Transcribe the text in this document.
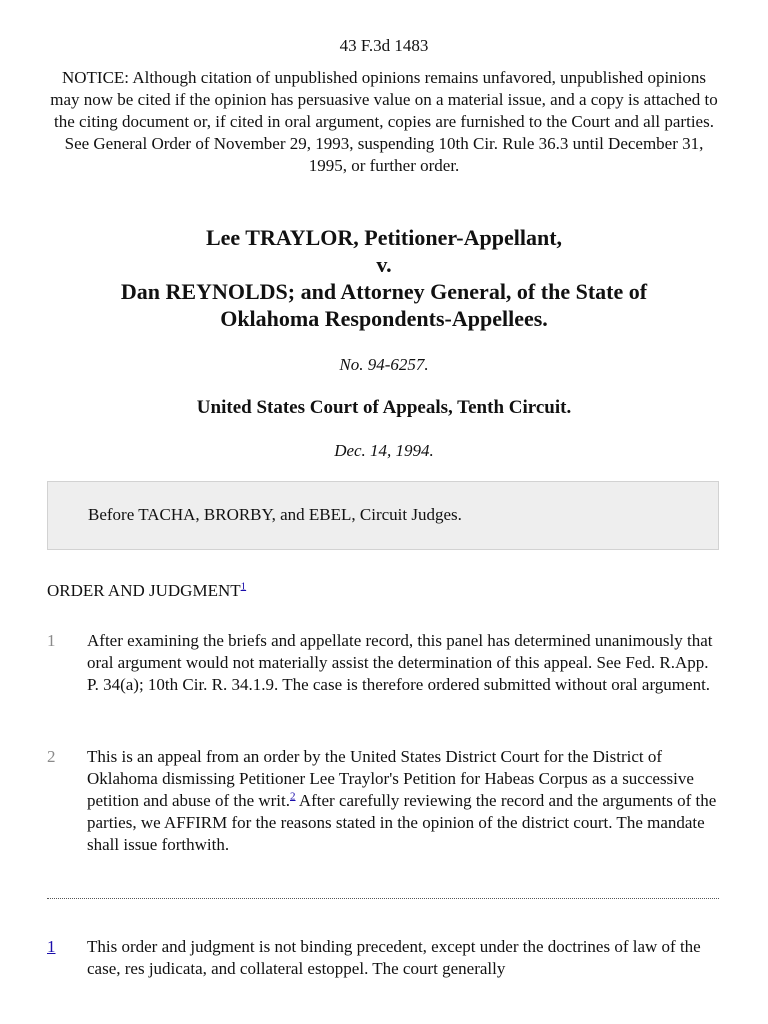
43 F.3d 1483
NOTICE: Although citation of unpublished opinions remains unfavored, unpublished opinions may now be cited if the opinion has persuasive value on a material issue, and a copy is attached to the citing document or, if cited in oral argument, copies are furnished to the Court and all parties. See General Order of November 29, 1993, suspending 10th Cir. Rule 36.3 until December 31, 1995, or further order.
Lee TRAYLOR, Petitioner-Appellant,
v.
Dan REYNOLDS; and Attorney General, of the State of
Oklahoma Respondents-Appellees.
No. 94-6257.
United States Court of Appeals, Tenth Circuit.
Dec. 14, 1994.
Before TACHA, BRORBY, and EBEL, Circuit Judges.
ORDER AND JUDGMENT$^1$
1 After examining the briefs and appellate record, this panel has determined unanimously that oral argument would not materially assist the determination of this appeal. See Fed. R.App. P. 34(a); 10th Cir. R. 34.1.9. The case is therefore ordered submitted without oral argument.
2 This is an appeal from an order by the United States District Court for the District of Oklahoma dismissing Petitioner Lee Traylor's Petition for Habeas Corpus as a successive petition and abuse of the writ.$^2$ After carefully reviewing the record and the arguments of the parties, we AFFIRM for the reasons stated in the opinion of the district court. The mandate shall issue forthwith.
1 This order and judgment is not binding precedent, except under the doctrines of law of the case, res judicata, and collateral estoppel. The court generally
